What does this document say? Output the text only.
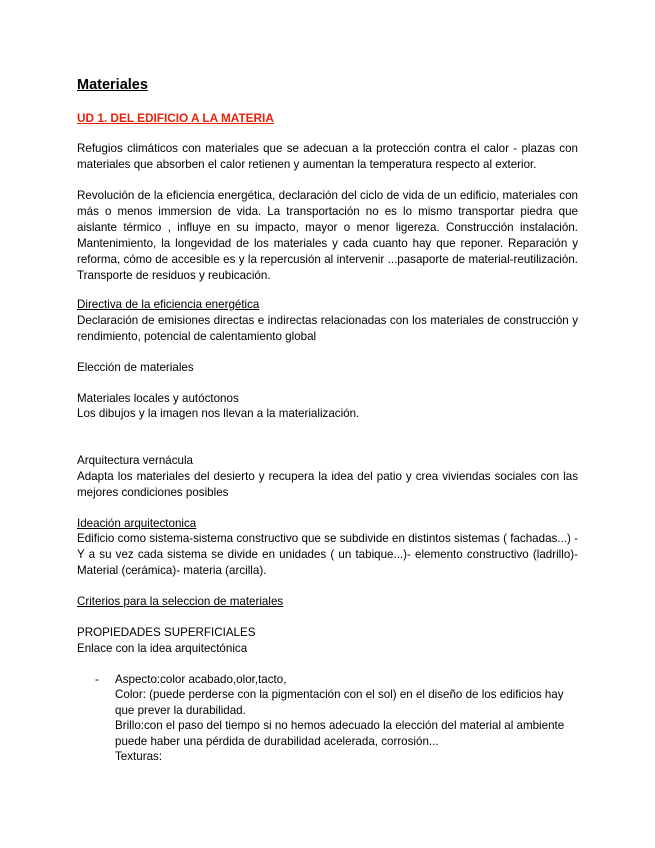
Materiales
UD 1. DEL EDIFICIO A LA MATERIA
Refugios climáticos con materiales que se adecuan a la protección contra el calor - plazas con materiales que absorben el calor retienen y aumentan la temperatura respecto al exterior.
Revolución de la eficiencia energética, declaración del ciclo de vida de un edificio, materiales con más o menos immersion de vida. La transportación no es lo mismo transportar piedra que aislante térmico , influye en su impacto, mayor o menor ligereza. Construcción instalación. Mantenimiento, la longevidad de los materiales y cada cuanto hay que reponer. Reparación y reforma, cómo de accesible es y la repercusión al intervenir ...pasaporte de material-reutilización. Transporte de residuos y reubicación.
Directiva de la eficiencia energética
Declaración de emisiones directas e indirectas relacionadas con los materiales de construcción y rendimiento, potencial de calentamiento global
Elección de materiales
Materiales locales y autóctonos
Los dibujos y la imagen nos llevan a la materialización.
Arquitectura vernácula
Adapta los materiales del desierto y recupera la idea del patio y crea viviendas sociales con las mejores condiciones posibles
Ideación arquitectonica
Edificio como sistema-sistema constructivo que se subdivide en distintos sistemas ( fachadas...) -Y a su vez cada sistema se divide en unidades ( un tabique...)- elemento constructivo (ladrillo)- Material (cerámica)- materia (arcilla).
Criterios para la seleccion de materiales
PROPIEDADES SUPERFICIALES
Enlace con la idea arquitectónica
- Aspecto:color acabado,olor,tacto,
Color: (puede perderse con la pigmentación con el sol) en el diseño de los edificios hay que prever la durabilidad.
Brillo:con el paso del tiempo si no hemos adecuado la elección del material al ambiente puede haber una pérdida de durabilidad acelerada, corrosión...
Texturas:
